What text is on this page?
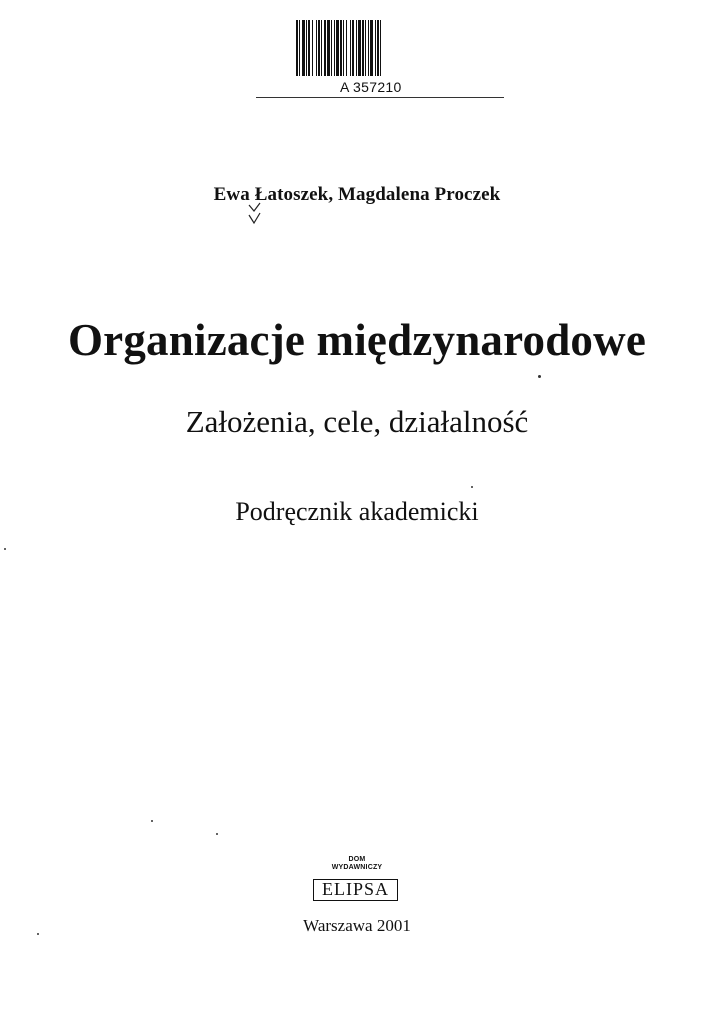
A 357210
Ewa Łatoszek, Magdalena Proczek
Organizacje międzynarodowe
Założenia, cele, działalność
Podręcznik akademicki
DOM
WYDAWNICZY
ELIPSA
Warszawa 2001
